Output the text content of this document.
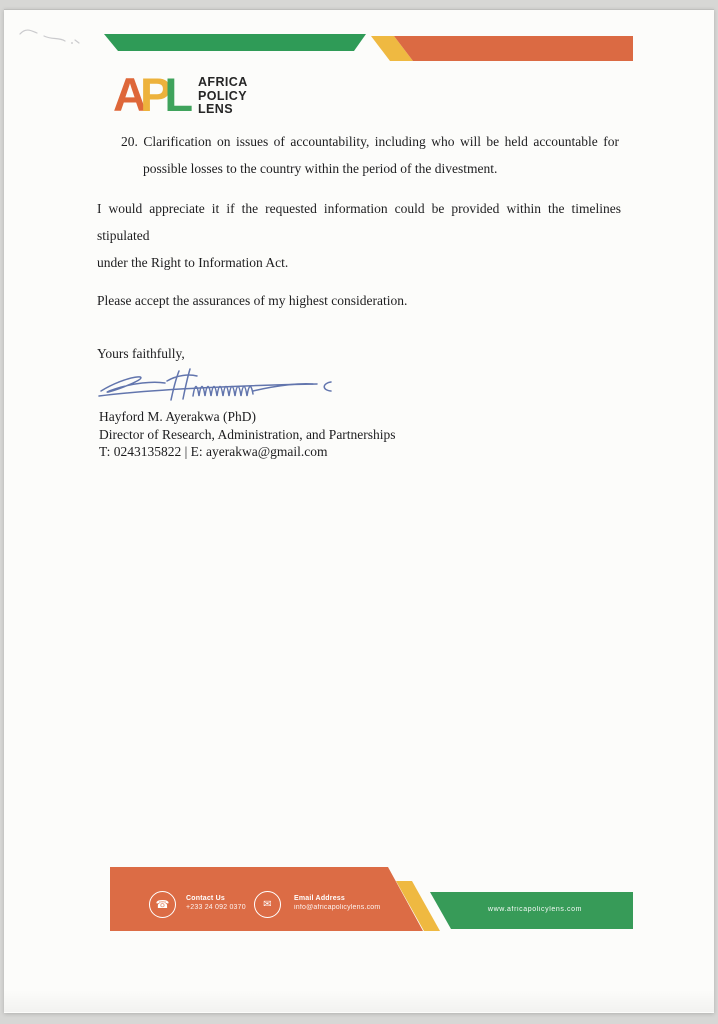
A
P
L AFRICA
POLICY
LENS
20. Clarification on issues of accountability, including who will be held accountable for
possible losses to the country within the period of the divestment.
I would appreciate it if the requested information could be provided within the timelines stipulated
under the Right to Information Act.
Please accept the assurances of my highest consideration.
Yours faithfully,
Hayford M. Ayerakwa (PhD)
Director of Research, Administration, and Partnerships
T: 0243135822 | E: ayerakwa@gmail.com
☎ Contact Us
+233 24 092 0370 ✉
Email Address
info@africapolicylens.com	www.africapolicylens.com
